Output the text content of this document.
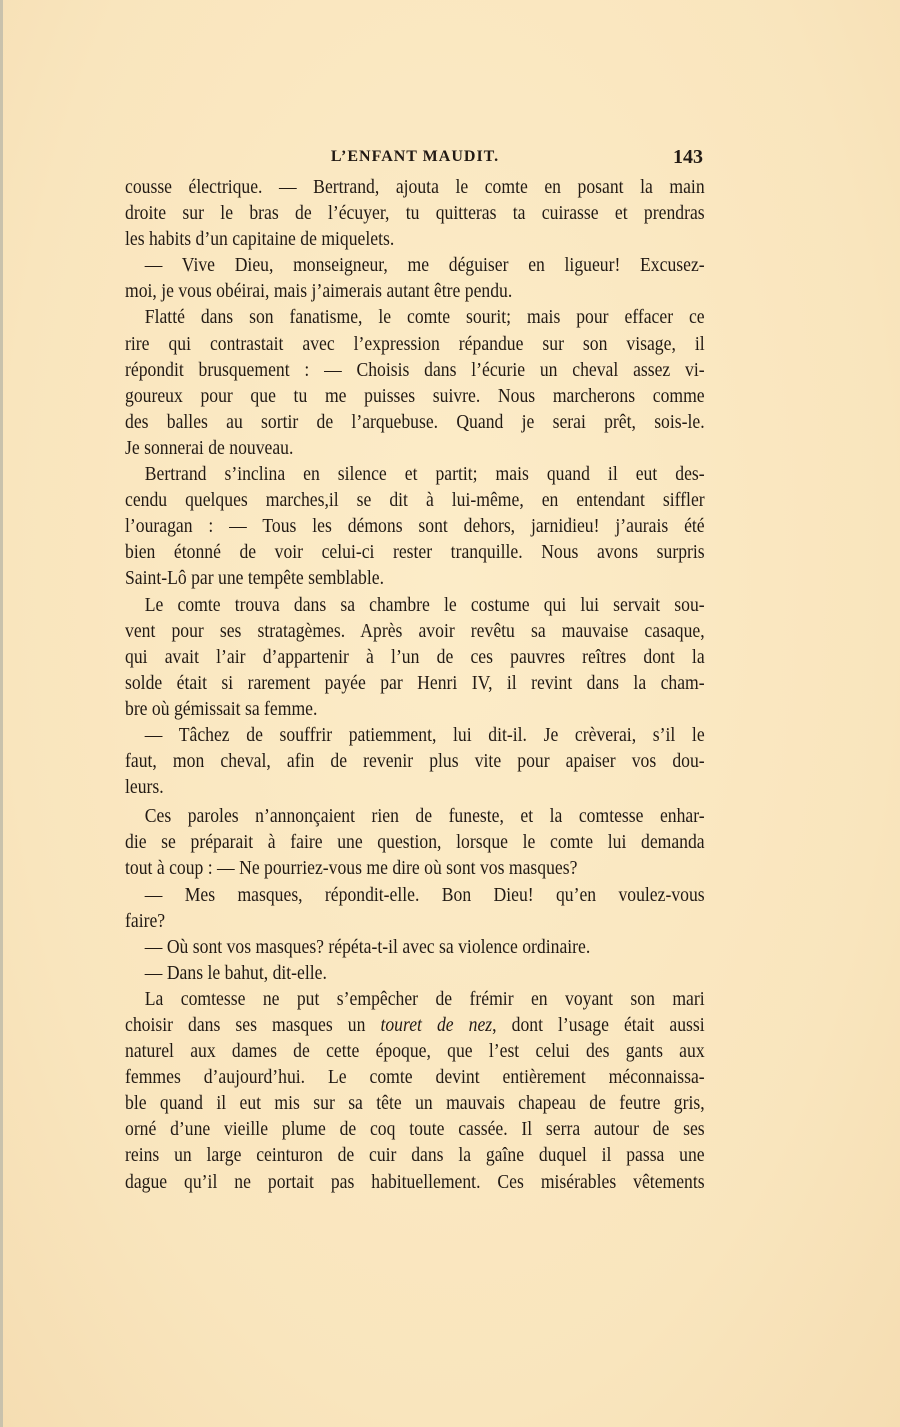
L’ENFANT MAUDIT.	143
cousse électrique. — Bertrand, ajouta le comte en posant la main
droite sur le bras de l’écuyer, tu quitteras ta cuirasse et prendras
les habits d’un capitaine de miquelets.
— Vive Dieu, monseigneur, me déguiser en ligueur! Excusez-
moi, je vous obéirai, mais j’aimerais autant être pendu.
Flatté dans son fanatisme, le comte sourit; mais pour effacer ce
rire qui contrastait avec l’expression répandue sur son visage, il
répondit brusquement : — Choisis dans l’écurie un cheval assez vi-
goureux pour que tu me puisses suivre. Nous marcherons comme
des balles au sortir de l’arquebuse. Quand je serai prêt, sois-le.
Je sonnerai de nouveau.
Bertrand s’inclina en silence et partit; mais quand il eut des-
cendu quelques marches,il se dit à lui-même, en entendant siffler
l’ouragan : — Tous les démons sont dehors, jarnidieu! j’aurais été
bien étonné de voir celui-ci rester tranquille. Nous avons surpris
Saint-Lô par une tempête semblable.
Le comte trouva dans sa chambre le costume qui lui servait sou-
vent pour ses stratagèmes. Après avoir revêtu sa mauvaise casaque,
qui avait l’air d’appartenir à l’un de ces pauvres reîtres dont la
solde était si rarement payée par Henri IV, il revint dans la cham-
bre où gémissait sa femme.
— Tâchez de souffrir patiemment, lui dit-il. Je crèverai, s’il le
faut, mon cheval, afin de revenir plus vite pour apaiser vos dou-
leurs.
Ces paroles n’annonçaient rien de funeste, et la comtesse enhar-
die se préparait à faire une question, lorsque le comte lui demanda
tout à coup : — Ne pourriez-vous me dire où sont vos masques?
— Mes masques, répondit-elle. Bon Dieu! qu’en voulez-vous
faire?
— Où sont vos masques? répéta-t-il avec sa violence ordinaire.
— Dans le bahut, dit-elle.
La comtesse ne put s’empêcher de frémir en voyant son mari
choisir dans ses masques un touret de nez, dont l’usage était aussi
naturel aux dames de cette époque, que l’est celui des gants aux
femmes d’aujourd’hui. Le comte devint entièrement méconnaissa-
ble quand il eut mis sur sa tête un mauvais chapeau de feutre gris,
orné d’une vieille plume de coq toute cassée. Il serra autour de ses
reins un large ceinturon de cuir dans la gaîne duquel il passa une
dague qu’il ne portait pas habituellement. Ces misérables vêtements
